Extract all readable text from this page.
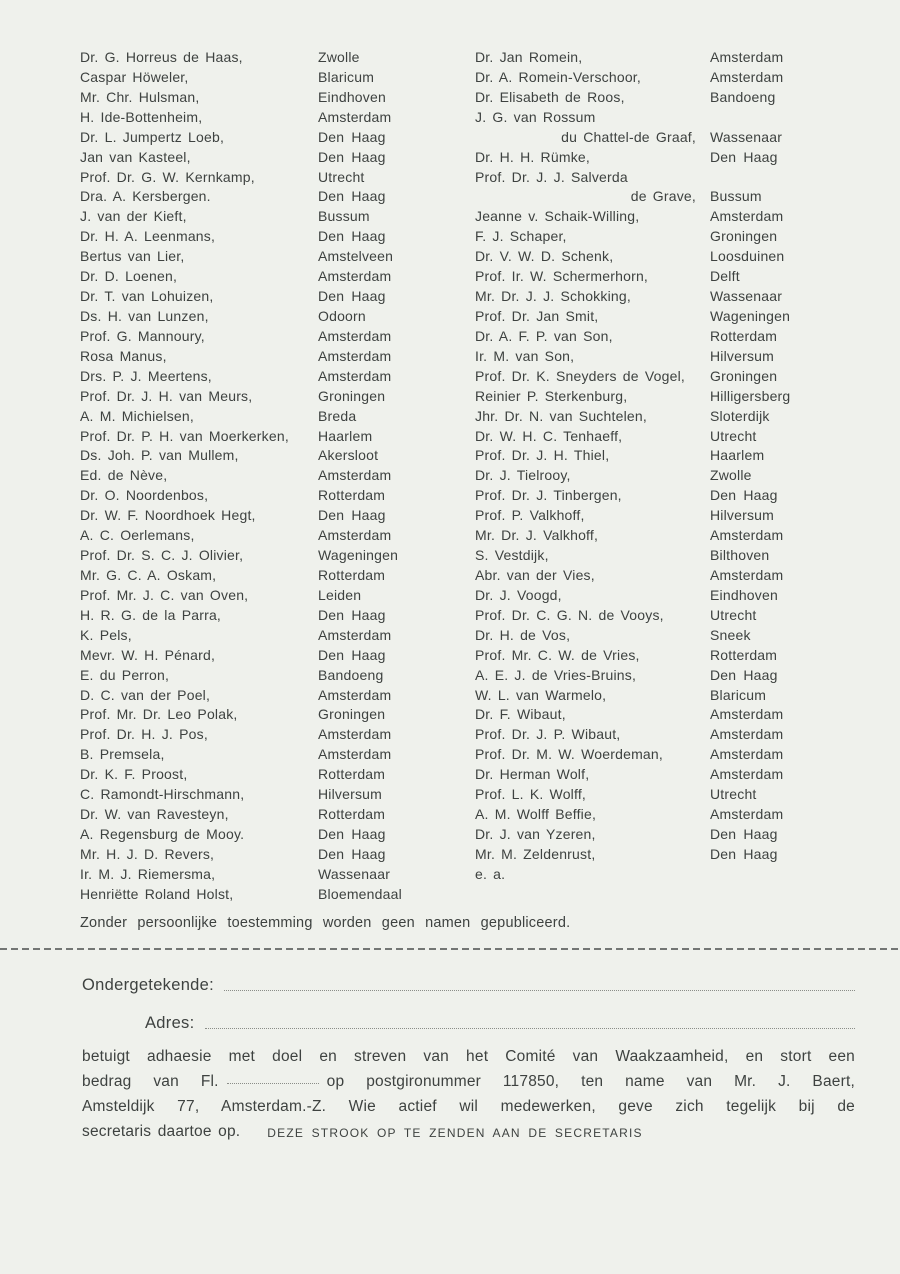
Dr. G. Horreus de Haas,	Zwolle
Caspar Höweler,	Blaricum
Mr. Chr. Hulsman,	Eindhoven
H. Ide-Bottenheim,	Amsterdam
Dr. L. Jumpertz Loeb,	Den Haag
Jan van Kasteel,	Den Haag
Prof. Dr. G. W. Kernkamp,	Utrecht
Dra. A. Kersbergen.	Den Haag
J. van der Kieft,	Bussum
Dr. H. A. Leenmans,	Den Haag
Bertus van Lier,	Amstelveen
Dr. D. Loenen,	Amsterdam
Dr. T. van Lohuizen,	Den Haag
Ds. H. van Lunzen,	Odoorn
Prof. G. Mannoury,	Amsterdam
Rosa Manus,	Amsterdam
Drs. P. J. Meertens,	Amsterdam
Prof. Dr. J. H. van Meurs,	Groningen
A. M. Michielsen,	Breda
Prof. Dr. P. H. van Moerkerken,	Haarlem
Ds. Joh. P. van Mullem,	Akersloot
Ed. de Nève,	Amsterdam
Dr. O. Noordenbos,	Rotterdam
Dr. W. F. Noordhoek Hegt,	Den Haag
A. C. Oerlemans,	Amsterdam
Prof. Dr. S. C. J. Olivier,	Wageningen
Mr. G. C. A. Oskam,	Rotterdam
Prof. Mr. J. C. van Oven,	Leiden
H. R. G. de la Parra,	Den Haag
K. Pels,	Amsterdam
Mevr. W. H. Pénard,	Den Haag
E. du Perron,	Bandoeng
D. C. van der Poel,	Amsterdam
Prof. Mr. Dr. Leo Polak,	Groningen
Prof. Dr. H. J. Pos,	Amsterdam
B. Premsela,	Amsterdam
Dr. K. F. Proost,	Rotterdam
C. Ramondt-Hirschmann,	Hilversum
Dr. W. van Ravesteyn,	Rotterdam
A. Regensburg de Mooy.	Den Haag
Mr. H. J. D. Revers,	Den Haag
Ir. M. J. Riemersma,	Wassenaar
Henriëtte Roland Holst,	Bloemendaal
Dr. Jan Romein,	Amsterdam
Dr. A. Romein-Verschoor,	Amsterdam
Dr. Elisabeth de Roos,	Bandoeng
J. G. van Rossum
du Chattel-de Graaf,	Wassenaar
Dr. H. H. Rümke,	Den Haag
Prof. Dr. J. J. Salverda
de Grave,	Bussum
Jeanne v. Schaik-Willing,	Amsterdam
F. J. Schaper,	Groningen
Dr. V. W. D. Schenk,	Loosduinen
Prof. Ir. W. Schermerhorn,	Delft
Mr. Dr. J. J. Schokking,	Wassenaar
Prof. Dr. Jan Smit,	Wageningen
Dr. A. F. P. van Son,	Rotterdam
Ir. M. van Son,	Hilversum
Prof. Dr. K. Sneyders de Vogel,	Groningen
Reinier P. Sterkenburg,	Hilligersberg
Jhr. Dr. N. van Suchtelen,	Sloterdijk
Dr. W. H. C. Tenhaeff,	Utrecht
Prof. Dr. J. H. Thiel,	Haarlem
Dr. J. Tielrooy,	Zwolle
Prof. Dr. J. Tinbergen,	Den Haag
Prof. P. Valkhoff,	Hilversum
Mr. Dr. J. Valkhoff,	Amsterdam
S. Vestdijk,	Bilthoven
Abr. van der Vies,	Amsterdam
Dr. J. Voogd,	Eindhoven
Prof. Dr. C. G. N. de Vooys,	Utrecht
Dr. H. de Vos,	Sneek
Prof. Mr. C. W. de Vries,	Rotterdam
A. E. J. de Vries-Bruins,	Den Haag
W. L. van Warmelo,	Blaricum
Dr. F. Wibaut,	Amsterdam
Prof. Dr. J. P. Wibaut,	Amsterdam
Prof. Dr. M. W. Woerdeman,	Amsterdam
Dr. Herman Wolf,	Amsterdam
Prof. L. K. Wolff,	Utrecht
A. M. Wolff Beffie,	Amsterdam
Dr. J. van Yzeren,	Den Haag
Mr. M. Zeldenrust,	Den Haag
e. a.

Zonder persoonlijke toestemming worden geen namen gepubliceerd.

Ondergetekende:
Adres:
betuigt adhaesie met doel en streven van het Comité van Waakzaamheid, en stort een
bedrag van Fl.	op postgironummer 117850, ten name van Mr. J. Baert,
Amsteldijk 77, Amsterdam.-Z. Wie actief wil medewerken, geve zich tegelijk bij de
secretaris daartoe op.	DEZE STROOK OP TE ZENDEN AAN DE SECRETARIS
